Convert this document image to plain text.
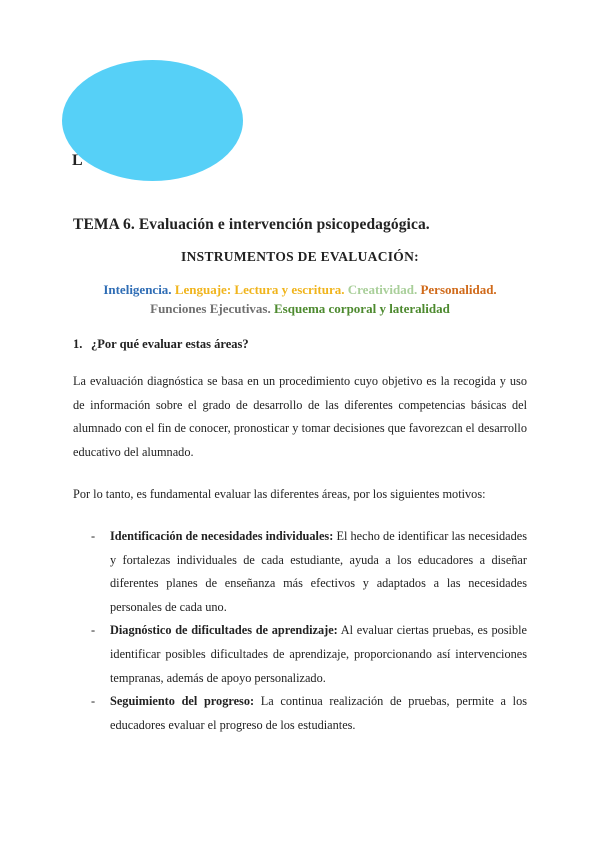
L
TEMA 6. Evaluación e intervención psicopedagógica.
INSTRUMENTOS DE EVALUACIÓN:
Inteligencia. Lenguaje: Lectura y escritura. Creatividad. Personalidad.
Funciones Ejecutivas. Esquema corporal y lateralidad
1. ¿Por qué evaluar estas áreas?
La evaluación diagnóstica se basa en un procedimiento cuyo objetivo es la recogida y uso de información sobre el grado de desarrollo de las diferentes competencias básicas del alumnado con el fin de conocer, pronosticar y tomar decisiones que favorezcan el desarrollo educativo del alumnado.
Por lo tanto, es fundamental evaluar las diferentes áreas, por los siguientes motivos:
- Identificación de necesidades individuales: El hecho de identificar las necesidades y fortalezas individuales de cada estudiante, ayuda a los educadores a diseñar diferentes planes de enseñanza más efectivos y adaptados a las necesidades personales de cada uno.
- Diagnóstico de dificultades de aprendizaje: Al evaluar ciertas pruebas, es posible identificar posibles dificultades de aprendizaje, proporcionando así intervenciones tempranas, además de apoyo personalizado.
- Seguimiento del progreso: La continua realización de pruebas, permite a los educadores evaluar el progreso de los estudiantes.
